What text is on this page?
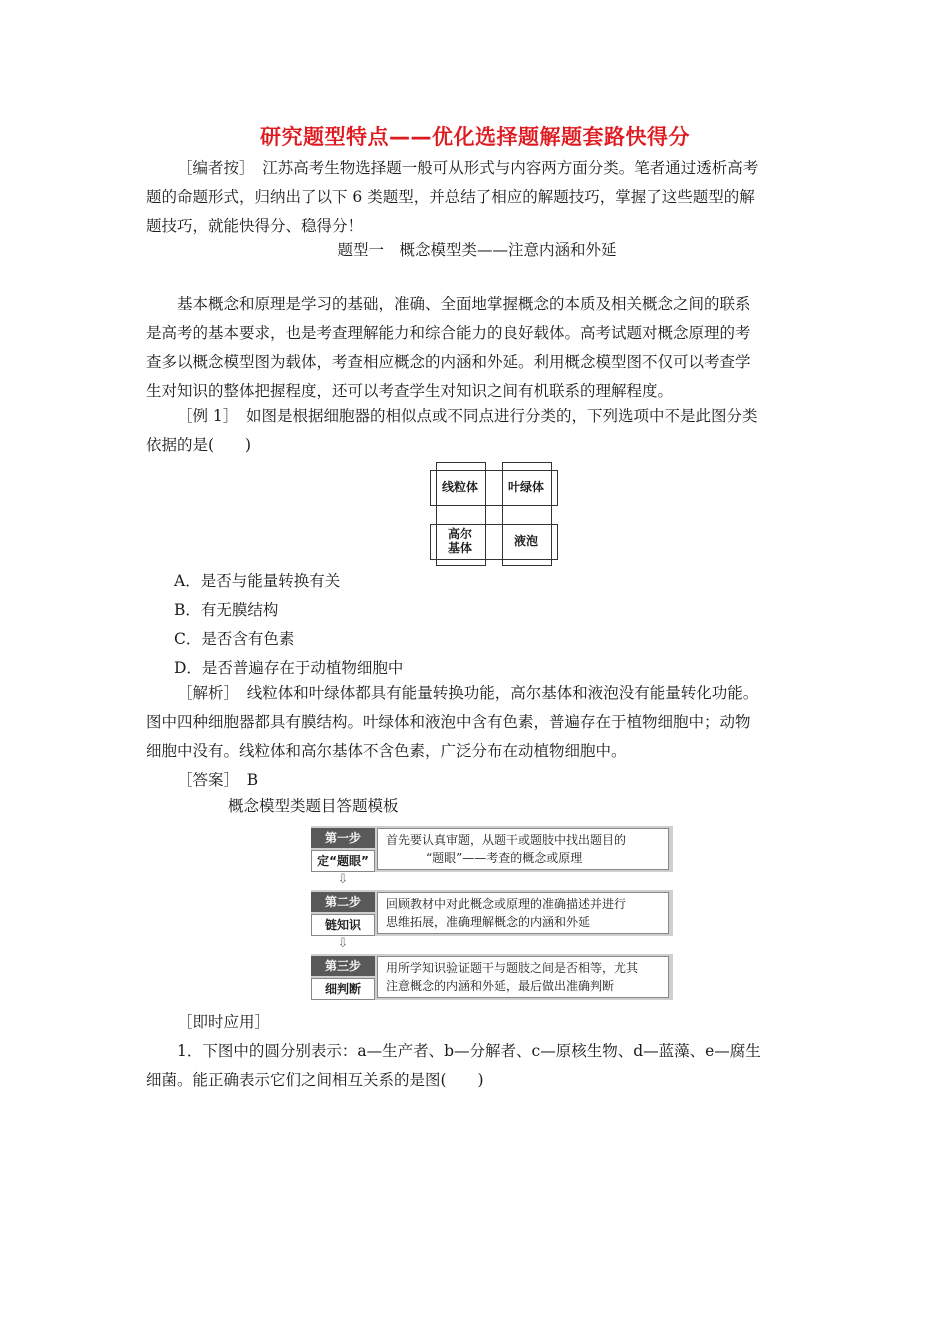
研究题型特点——优化选择题解题套路快得分

［编者按］　江苏高考生物选择题一般可从形式与内容两方面分类。笔者通过透析高考

题的命题形式，归纳出了以下 6 类题型，并总结了相应的解题技巧，掌握了这些题型的解

题技巧，就能快得分、稳得分！

题型一　概念模型类——注意内涵和外延

基本概念和原理是学习的基础，准确、全面地掌握概念的本质及相关概念之间的联系

是高考的基本要求，也是考查理解能力和综合能力的良好载体。高考试题对概念原理的考

查多以概念模型图为载体，考查相应概念的内涵和外延。利用概念模型图不仅可以考查学

生对知识的整体把握程度，还可以考查学生对知识之间有机联系的理解程度。

［例 1］　如图是根据细胞器的相似点或不同点进行分类的，下列选项中不是此图分类

依据的是(　　)

线粒体	叶绿体
高尔
基体	液泡

A．是否与能量转换有关

B．有无膜结构

C．是否含有色素

D．是否普遍存在于动植物细胞中

［解析］　线粒体和叶绿体都具有能量转换功能，高尔基体和液泡没有能量转化功能。

图中四种细胞器都具有膜结构。叶绿体和液泡中含有色素，普遍存在于植物细胞中；动物

细胞中没有。线粒体和高尔基体不含色素，广泛分布在动植物细胞中。

［答案］　B

概念模型类题目答题模板

第一步
定“题眼”
首先要认真审题，从题干或题肢中找出题目的
“题眼”——考查的概念或原理
⇩
第二步
链知识
回顾教材中对此概念或原理的准确描述并进行
思维拓展，准确理解概念的内涵和外延
⇩
第三步
细判断
用所学知识验证题干与题肢之间是否相等，尤其
注意概念的内涵和外延，最后做出准确判断

［即时应用］

1．下图中的圆分别表示：a—生产者、b—分解者、c—原核生物、d—蓝藻、e—腐生

细菌。能正确表示它们之间相互关系的是图(　　)
